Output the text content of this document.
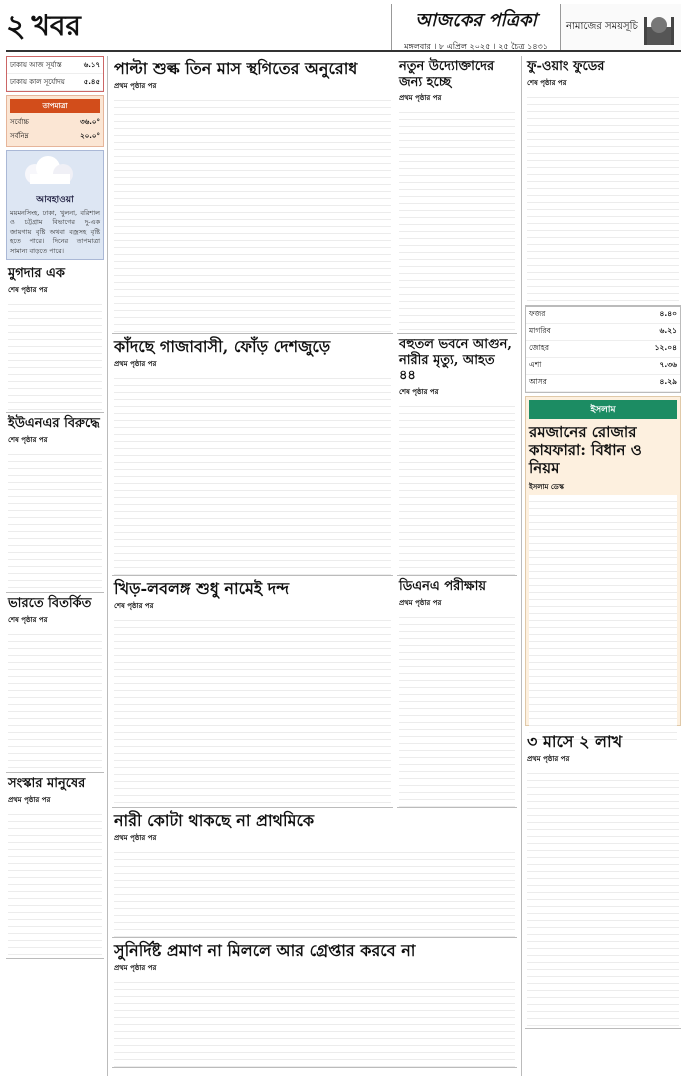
২ খবর	আজকের পত্রিকা
মঙ্গলবার । ৮ এপ্রিল ২০২৫ । ২৫ চৈত্র ১৪৩১
নামাজের সময়সূচি
ঢাকায় আজ সূর্যাস্ত	৬.১৭
ঢাকায় কাল সূর্যোদয়	৫.৪৫
তাপমাত্রা
সর্বোচ্চ	৩৬.০°
সর্বনিম্ন	২০.০°
আবহাওয়া
ময়মনসিংহ, ঢাকা, খুলনা, বরিশাল ও চট্টগ্রাম বিভাগের দু-এক জায়গায় বৃষ্টি অথবা বজ্রসহ বৃষ্টি হতে পারে। দিনের তাপমাত্রা সামান্য বাড়তে পারে।
মুগদার এক
শেষ পৃষ্ঠার পর
ইউএনএর বিরুদ্ধে
শেষ পৃষ্ঠার পর
ভারতে বিতর্কিত
শেষ পৃষ্ঠার পর
সংস্কার মানুষের
প্রথম পৃষ্ঠার পর
পাল্টা শুল্ক তিন মাস স্থগিতের অনুরোধ
প্রথম পৃষ্ঠার পর
নতুন উদ্যোক্তাদের জন্য হচ্ছে
প্রথম পৃষ্ঠার পর
কাঁদছে গাজাবাসী, ফোঁড় দেশজুড়ে
প্রথম পৃষ্ঠার পর
বহুতল ভবনে আগুন, নারীর মৃত্যু, আহত ৪৪
শেষ পৃষ্ঠার পর
খিড়-লবলঙ্গ শুধু নামেই দন্দ
শেষ পৃষ্ঠার পর
ডিএনএ পরীক্ষায়
প্রথম পৃষ্ঠার পর
নারী কোটা থাকছে না প্রাথমিকে
প্রথম পৃষ্ঠার পর
সুনির্দিষ্ট প্রমাণ না মিললে আর গ্রেপ্তার করবে না
প্রথম পৃষ্ঠার পর
ফু-ওয়াং ফুডের
শেষ পৃষ্ঠার পর
ফজর	৪.৪০
মাগরিব	৬.২১
জোহর	১২.০৪
এশা	৭.৩৬
আসর	৪.২৯
ইসলাম
রমজানের রোজার কাযফারা: বিধান ও নিয়ম
ইসলাম ডেস্ক
৩ মাসে ২ লাখ
প্রথম পৃষ্ঠার পর
